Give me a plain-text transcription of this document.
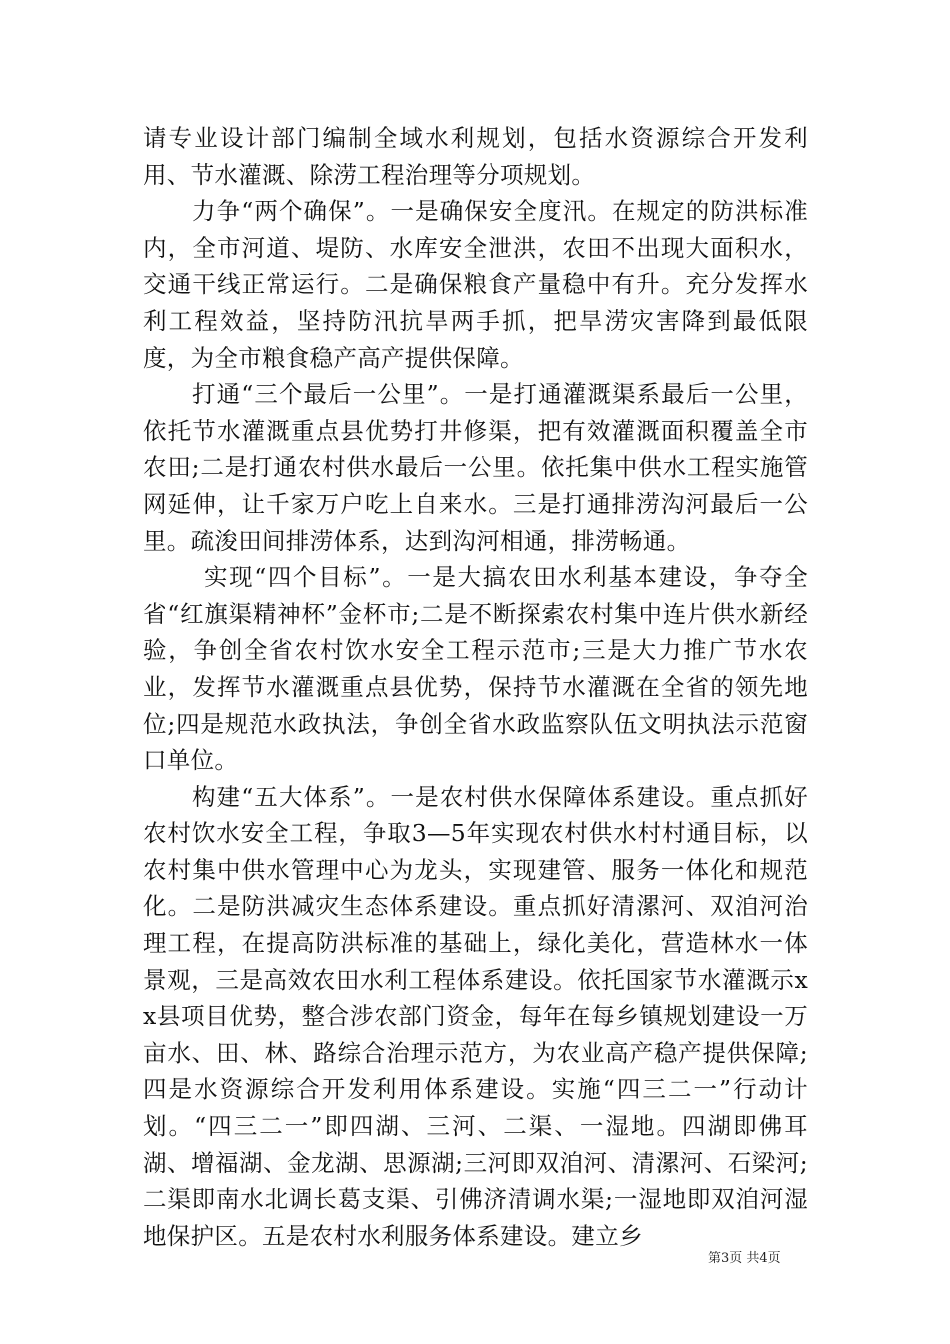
请专业设计部门编制全域水利规划，包括水资源综合开发利用、节水灌溉、除涝工程治理等分项规划。

力争“两个确保”。一是确保安全度汛。在规定的防洪标准内，全市河道、堤防、水库安全泄洪，农田不出现大面积水，交通干线正常运行。二是确保粮食产量稳中有升。充分发挥水利工程效益，坚持防汛抗旱两手抓，把旱涝灾害降到最低限度，为全市粮食稳产高产提供保障。

打通“三个最后一公里”。一是打通灌溉渠系最后一公里，依托节水灌溉重点县优势打井修渠，把有效灌溉面积覆盖全市农田;二是打通农村供水最后一公里。依托集中供水工程实施管网延伸，让千家万户吃上自来水。三是打通排涝沟河最后一公里。疏浚田间排涝体系，达到沟河相通，排涝畅通。

实现“四个目标”。一是大搞农田水利基本建设，争夺全省“红旗渠精神杯”金杯市;二是不断探索农村集中连片供水新经验，争创全省农村饮水安全工程示范市;三是大力推广节水农业，发挥节水灌溉重点县优势，保持节水灌溉在全省的领先地位;四是规范水政执法，争创全省水政监察队伍文明执法示范窗口单位。

构建“五大体系”。一是农村供水保障体系建设。重点抓好农村饮水安全工程，争取3—5年实现农村供水村村通目标，以农村集中供水管理中心为龙头，实现建管、服务一体化和规范化。二是防洪减灾生态体系建设。重点抓好清漯河、双洎河治理工程，在提高防洪标准的基础上，绿化美化，营造林水一体景观，三是高效农田水利工程体系建设。依托国家节水灌溉示xx县项目优势，整合涉农部门资金，每年在每乡镇规划建设一万亩水、田、林、路综合治理示范方，为农业高产稳产提供保障;四是水资源综合开发利用体系建设。实施“四三二一”行动计划。“四三二一”即四湖、三河、二渠、一湿地。四湖即佛耳湖、增福湖、金龙湖、思源湖;三河即双洎河、清漯河、石梁河;二渠即南水北调长葛支渠、引佛济清调水渠;一湿地即双洎河湿地保护区。五是农村水利服务体系建设。建立乡

第3页 共4页
